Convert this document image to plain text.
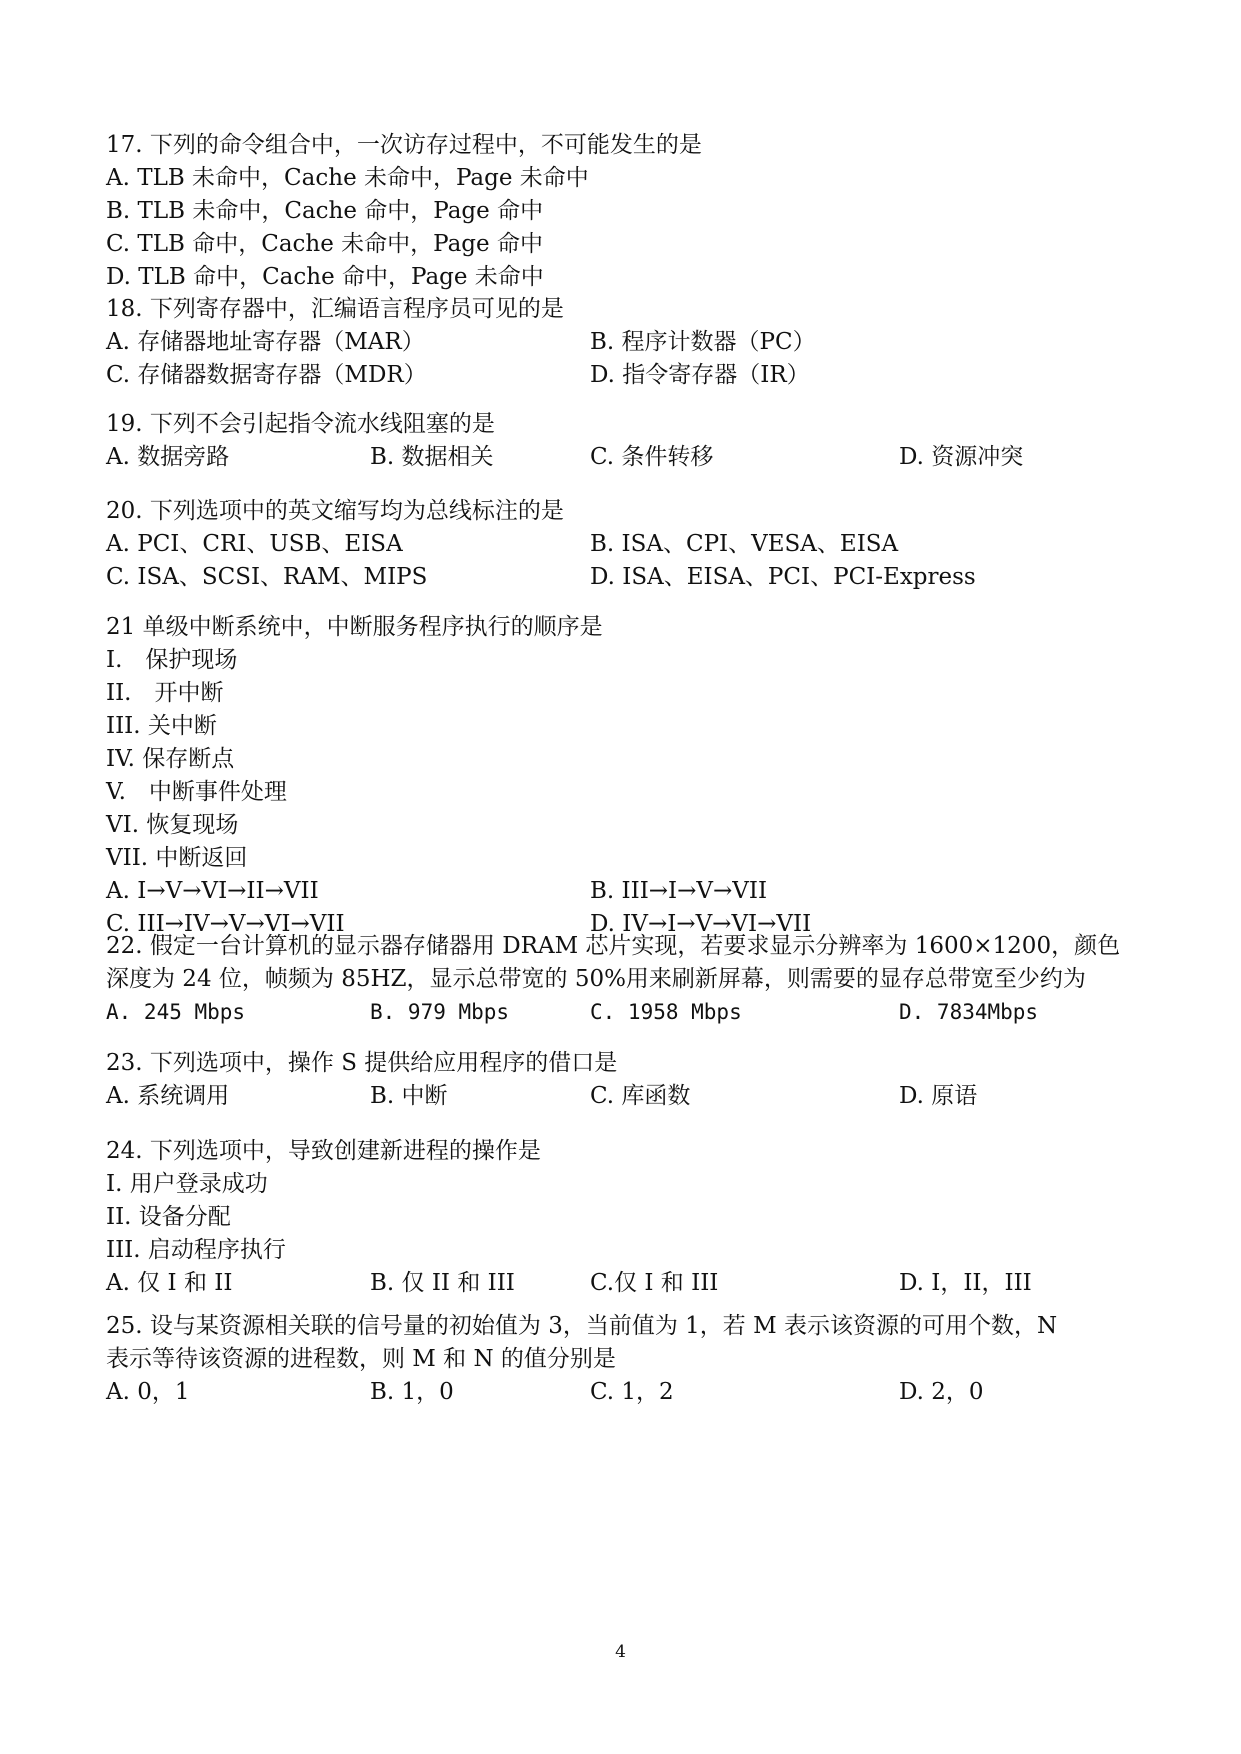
17. 下列的命令组合中，一次访存过程中，不可能发生的是
A. TLB 未命中，Cache 未命中，Page 未命中
B. TLB 未命中，Cache 命中，Page 命中
C. TLB 命中，Cache 未命中，Page 命中
D. TLB 命中，Cache 命中，Page 未命中
18. 下列寄存器中，汇编语言程序员可见的是
A. 存储器地址寄存器（MAR）	B. 程序计数器（PC）
C. 存储器数据寄存器（MDR）	D. 指令寄存器（IR）
19. 下列不会引起指令流水线阻塞的是
A. 数据旁路	B. 数据相关	C. 条件转移	D. 资源冲突
20. 下列选项中的英文缩写均为总线标注的是
A. PCI、CRI、USB、EISA	B. ISA、CPI、VESA、EISA
C. ISA、SCSI、RAM、MIPS	D. ISA、EISA、PCI、PCI-Express
21 单级中断系统中，中断服务程序执行的顺序是
I.　保护现场
II.　开中断
III. 关中断
IV. 保存断点
V.　中断事件处理
VI. 恢复现场
VII. 中断返回
A. I→V→VI→II→VII	B. III→I→V→VII
C. III→IV→V→VI→VII	D. IV→I→V→VI→VII
22. 假定一台计算机的显示器存储器用 DRAM 芯片实现，若要求显示分辨率为 1600×1200，颜色
深度为 24 位，帧频为 85HZ，显示总带宽的 50%用来刷新屏幕，则需要的显存总带宽至少约为
A. 245 Mbps	B. 979 Mbps	C. 1958 Mbps	D. 7834Mbps
23. 下列选项中，操作 S 提供给应用程序的借口是
A. 系统调用	B. 中断	C. 库函数	D. 原语
24. 下列选项中，导致创建新进程的操作是
I. 用户登录成功
II. 设备分配
III. 启动程序执行
A. 仅 I 和 II	B. 仅 II 和 III	C.仅 I 和 III	D. I，II，III
25. 设与某资源相关联的信号量的初始值为 3，当前值为 1，若 M 表示该资源的可用个数，N
表示等待该资源的进程数，则 M 和 N 的值分别是
A. 0，1	B. 1，0	C. 1，2	D. 2，0
4
